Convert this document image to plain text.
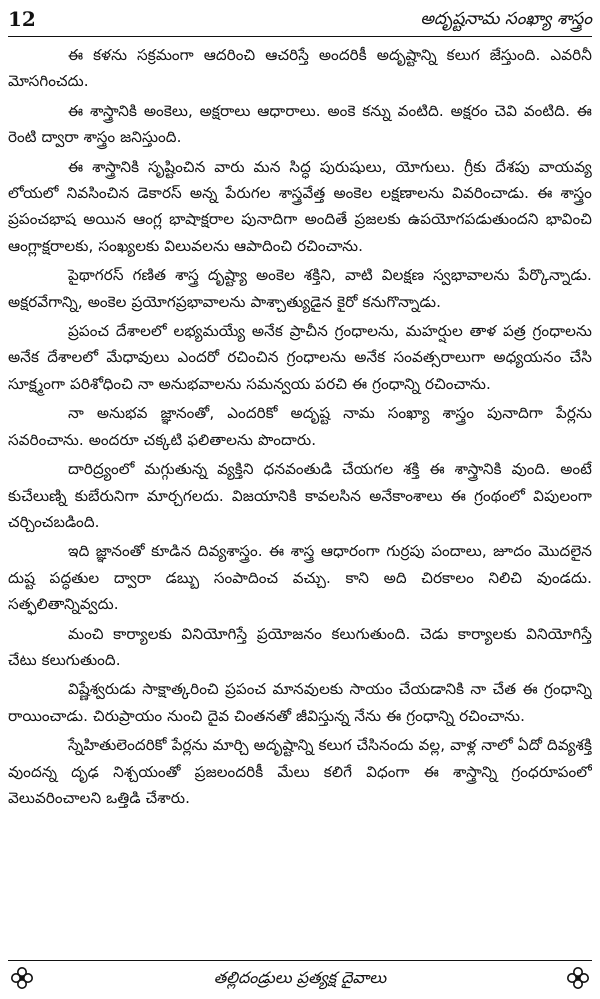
12	అదృష్టనామ సంఖ్యా శాస్త్రం

ఈ కళను సక్రమంగా ఆదరించి ఆచరిస్తే అందరికీ అదృష్టాన్ని కలుగ జేస్తుంది. ఎవరినీ మోసగించదు.

ఈ శాస్త్రానికి అంకెలు, అక్షరాలు ఆధారాలు. అంకె కన్ను వంటిది. అక్షరం చెవి వంటిది. ఈ రెంటి ద్వారా శాస్త్రం జనిస్తుంది.

ఈ శాస్త్రానికి సృష్టించిన వారు మన సిద్ధ పురుషులు, యోగులు. గ్రీకు దేశపు వాయవ్య లోయలో నివసించిన డెకారస్ అన్న పేరుగల శాస్త్రవేత్త అంకెల లక్షణాలను వివరించాడు. ఈ శాస్త్రం ప్రపంచభాష అయిన ఆంగ్ల భాషాక్షరాల పునాదిగా అందితే ప్రజలకు ఉపయోగపడుతుందని భావించి ఆంగ్లాక్షరాలకు, సంఖ్యలకు విలువలను ఆపాదించి రచించాను.

పైథాగరస్ గణిత శాస్త్ర దృష్ట్యా అంకెల శక్తిని, వాటి విలక్షణ స్వభావాలను పేర్కొన్నాడు. అక్షరవేగాన్ని, అంకెల ప్రయోగప్రభావాలను పాశ్చాత్యుడైన కైరో కనుగొన్నాడు.

ప్రపంచ దేశాలలో లభ్యమయ్యే అనేక ప్రాచీన గ్రంధాలను, మహర్షుల తాళ పత్ర గ్రంధాలను అనేక దేశాలలో మేధావులు ఎందరో రచించిన గ్రంధాలను అనేక సంవత్సరాలుగా అధ్యయనం చేసి సూక్ష్మంగా పరిశోధించి నా అనుభవాలను సమన్వయ పరచి ఈ గ్రంధాన్ని రచించాను.

నా అనుభవ జ్ఞానంతో, ఎందరికో అదృష్ట నామ సంఖ్యా శాస్త్రం పునాదిగా పేర్లను సవరించాను. అందరూ చక్కటి ఫలితాలను పొందారు.

దారిద్ర్యంలో మగ్గుతున్న వ్యక్తిని ధనవంతుడి చేయగల శక్తి ఈ శాస్త్రానికి వుంది. అంటే కుచేలుణ్ని కుబేరునిగా మార్చగలదు. విజయానికి కావలసిన అనేకాంశాలు ఈ గ్రంథంలో విపులంగా చర్చించబడింది.

ఇది జ్ఞానంతో కూడిన దివ్యశాస్త్రం. ఈ శాస్త్ర ఆధారంగా గుర్రపు పందాలు, జూదం మొదలైన దుష్ట పద్ధతుల ద్వారా డబ్బు సంపాదించ వచ్చు. కాని అది చిరకాలం నిలిచి వుండదు. సత్ఫలితాన్నివ్వదు.

మంచి కార్యాలకు వినియోగిస్తే ప్రయోజనం కలుగుతుంది. చెడు కార్యాలకు వినియోగిస్తే చేటు కలుగుతుంది.

విష్ణేశ్వరుడు సాక్షాత్కరించి ప్రపంచ మానవులకు సాయం చేయడానికి నా చేత ఈ గ్రంధాన్ని రాయించాడు. చిరుప్రాయం నుంచి దైవ చింతనతో జీవిస్తున్న నేను ఈ గ్రంధాన్ని రచించాను.

స్నేహితులెందరికో పేర్లను మార్చి అదృష్టాన్ని కలుగ చేసినందు వల్ల, వాళ్ల నాలో ఏదో దివ్యశక్తి వుందన్న దృఢ నిశ్చయంతో ప్రజలందరికీ మేలు కలిగే విధంగా ఈ శాస్త్రాన్ని గ్రంధరూపంలో వెలువరించాలని ఒత్తిడి చేశారు.

తల్లిదండ్రులు ప్రత్యక్ష దైవాలు
